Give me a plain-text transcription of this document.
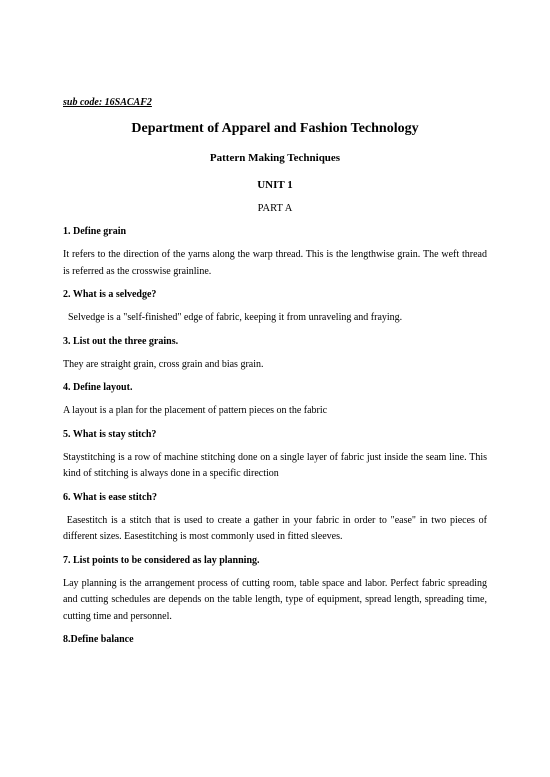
sub code: 16SACAF2
Department of Apparel and Fashion Technology
Pattern Making Techniques
UNIT 1
PART A
1. Define grain
It refers to the direction of the yarns along the warp thread. This is the lengthwise grain. The weft thread is referred as the crosswise grainline.
2. What is a selvedge?
Selvedge is a "self-finished" edge of fabric, keeping it from unraveling and fraying.
3. List out the three grains.
They are straight grain, cross grain and bias grain.
4. Define layout.
A layout is a plan for the placement of pattern pieces on the fabric
5. What is stay stitch?
Staystitching is a row of machine stitching done on a single layer of fabric just inside the seam line. This kind of stitching is always done in a specific direction
6. What is ease stitch?
Easestitch is a stitch that is used to create a gather in your fabric in order to "ease" in two pieces of different sizes. Easestitching is most commonly used in fitted sleeves.
7. List points to be considered as lay planning.
Lay planning is the arrangement process of cutting room, table space and labor. Perfect fabric spreading and cutting schedules are depends on the table length, type of equipment, spread length, spreading time, cutting time and personnel.
8.Define balance
